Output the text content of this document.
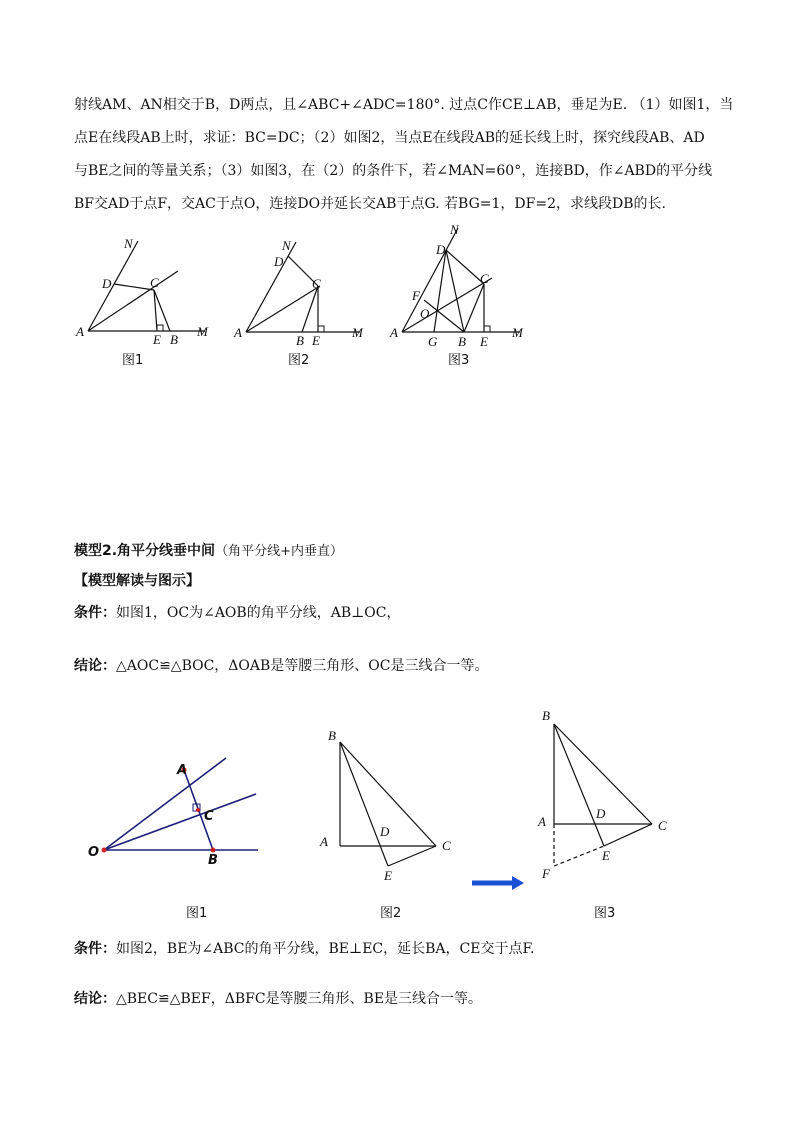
射线AM、AN相交于B，D两点，且∠ABC+∠ADC=180°. 过点C作CE⊥AB，垂足为E. （1）如图1，当
点E在线段AB上时，求证：BC=DC；（2）如图2，当点E在线段AB的延长线上时，探究线段AB、AD
与BE之间的等量关系；（3）如图3，在（2）的条件下，若∠MAN=60°，连接BD，作∠ABD的平分线
BF交AD于点F，交AC于点O，连接DO并延长交AB于点G. 若BG=1，DF=2，求线段DB的长.
N
D	C
A
E B
M
图1
N
D
C
A
B E
M
图2
N
D
C
F
O
A
G B E
M
图3
模型2.角平分线垂中间（角平分线+内垂直）
【模型解读与图示】
条件：如图1，OC为∠AOB的角平分线，AB⊥OC，
结论：△AOC≌△BOC，ΔOAB是等腰三角形、OC是三线合一等。
O
A
C
B
图1
B
A
D
C
E
图2
B
A
D
C
E
F
图3
条件：如图2，BE为∠ABC的角平分线，BE⊥EC，延长BA，CE交于点F.
结论：△BEC≌△BEF，ΔBFC是等腰三角形、BE是三线合一等。
